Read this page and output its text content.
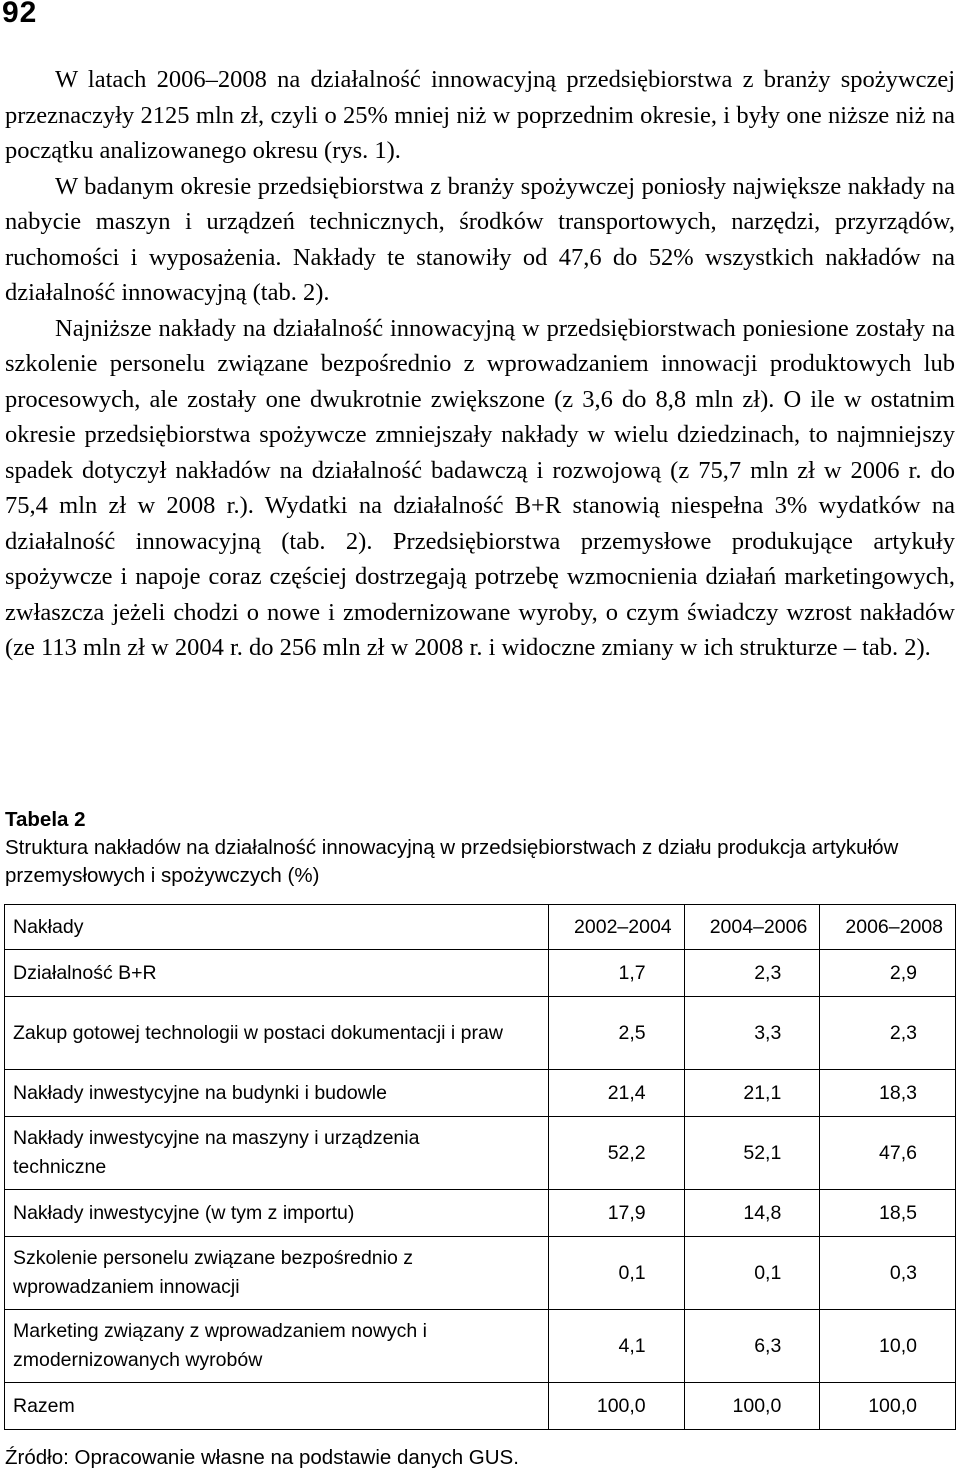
92

W latach 2006–2008 na działalność innowacyjną przedsiębiorstwa z branży spożywczej przeznaczyły 2125 mln zł, czyli o 25% mniej niż w poprzednim okresie, i były one niższe niż na początku analizowanego okresu (rys. 1).

W badanym okresie przedsiębiorstwa z branży spożywczej poniosły największe nakłady na nabycie maszyn i urządzeń technicznych, środków transportowych, narzędzi, przyrządów, ruchomości i wyposażenia. Nakłady te stanowiły od 47,6 do 52% wszystkich nakładów na działalność innowacyjną (tab. 2).

Najniższe nakłady na działalność innowacyjną w przedsiębiorstwach poniesione zostały na szkolenie personelu związane bezpośrednio z wprowadzaniem innowacji produktowych lub procesowych, ale zostały one dwukrotnie zwiększone (z 3,6 do 8,8 mln zł). O ile w ostatnim okresie przedsiębiorstwa spożywcze zmniejszały nakłady w wielu dziedzinach, to najmniejszy spadek dotyczył nakładów na działalność badawczą i rozwojową (z 75,7 mln zł w 2006 r. do 75,4 mln zł w 2008 r.). Wydatki na działalność B+R stanowią niespełna 3% wydatków na działalność innowacyjną (tab. 2). Przedsiębiorstwa przemysłowe produkujące artykuły spożywcze i napoje coraz częściej dostrzegają potrzebę wzmocnienia działań marketingowych, zwłaszcza jeżeli chodzi o nowe i zmodernizowane wyroby, o czym świadczy wzrost nakładów (ze 113 mln zł w 2004 r. do 256 mln zł w 2008 r. i widoczne zmiany w ich strukturze – tab. 2).

Tabela 2
Struktura nakładów na działalność innowacyjną w przedsiębiorstwach z działu produkcja artykułów przemysłowych i spożywczych (%)
Nakłady	2002–2004	2004–2006	2006–2008
Działalność B+R	1,7	2,3	2,9
Zakup gotowej technologii w postaci dokumentacji i praw	2,5	3,3	2,3
Nakłady inwestycyjne na budynki i budowle	21,4	21,1	18,3
Nakłady inwestycyjne na maszyny i urządzenia techniczne	52,2	52,1	47,6
Nakłady inwestycyjne (w tym z importu)	17,9	14,8	18,5
Szkolenie personelu związane bezpośrednio z wprowadzaniem innowacji	0,1	0,1	0,3
Marketing związany z wprowadzaniem nowych i zmodernizowanych wyrobów	4,1	6,3	10,0
Razem	100,0	100,0	100,0
Źródło: Opracowanie własne na podstawie danych GUS.
